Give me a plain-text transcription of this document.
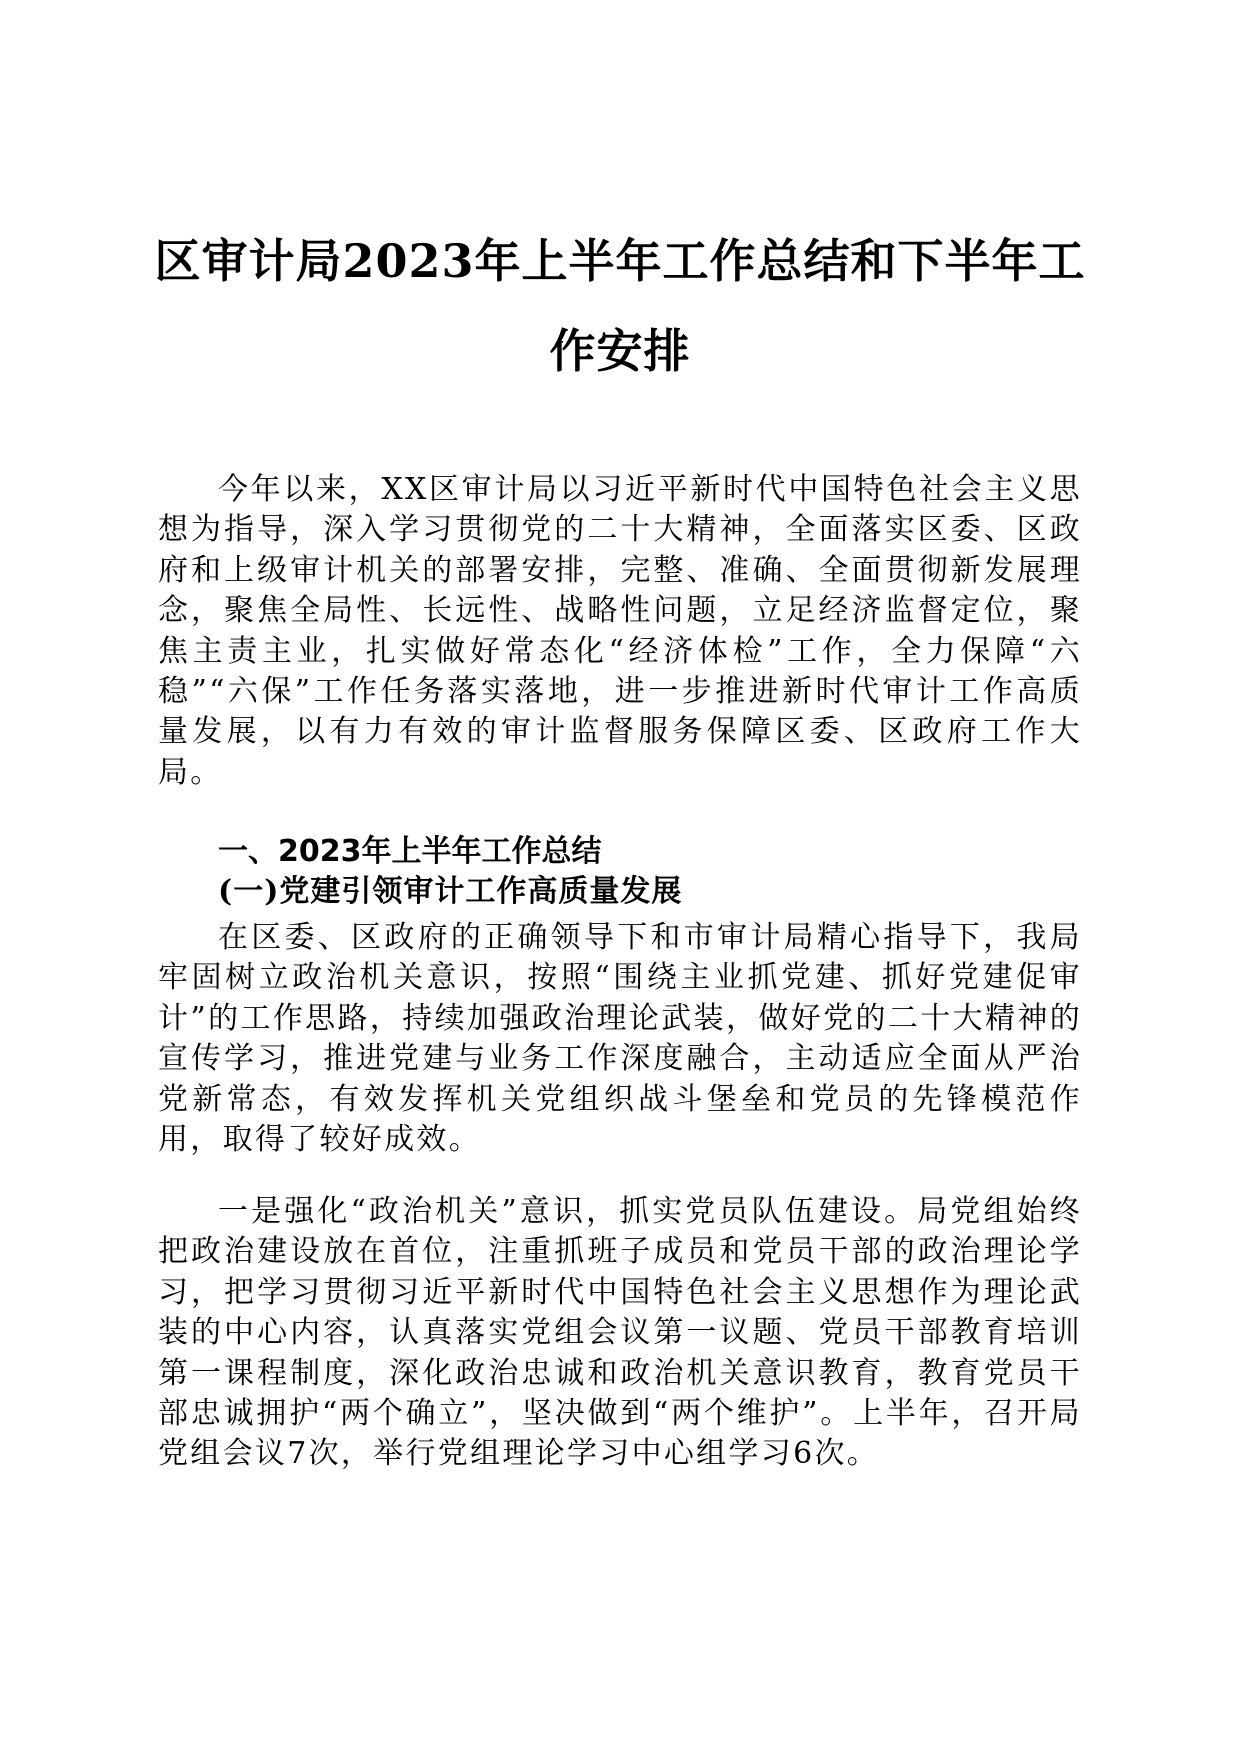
区审计局2023年上半年工作总结和下半年工
作安排

今年以来，XX区审计局以习近平新时代中国特色社会主义思想为指导，深入学习贯彻党的二十大精神，全面落实区委、区政府和上级审计机关的部署安排，完整、准确、全面贯彻新发展理念，聚焦全局性、长远性、战略性问题，立足经济监督定位，聚焦主责主业，扎实做好常态化“经济体检”工作，全力保障“六稳”“六保”工作任务落实落地，进一步推进新时代审计工作高质量发展，以有力有效的审计监督服务保障区委、区政府工作大局。

一、2023年上半年工作总结
(一)党建引领审计工作高质量发展

在区委、区政府的正确领导下和市审计局精心指导下，我局牢固树立政治机关意识，按照“围绕主业抓党建、抓好党建促审计”的工作思路，持续加强政治理论武装，做好党的二十大精神的宣传学习，推进党建与业务工作深度融合，主动适应全面从严治党新常态，有效发挥机关党组织战斗堡垒和党员的先锋模范作用，取得了较好成效。

一是强化“政治机关”意识，抓实党员队伍建设。局党组始终把政治建设放在首位，注重抓班子成员和党员干部的政治理论学习，把学习贯彻习近平新时代中国特色社会主义思想作为理论武装的中心内容，认真落实党组会议第一议题、党员干部教育培训第一课程制度，深化政治忠诚和政治机关意识教育，教育党员干部忠诚拥护“两个确立”，坚决做到“两个维护”。上半年，召开局党组会议7次，举行党组理论学习中心组学习6次。
